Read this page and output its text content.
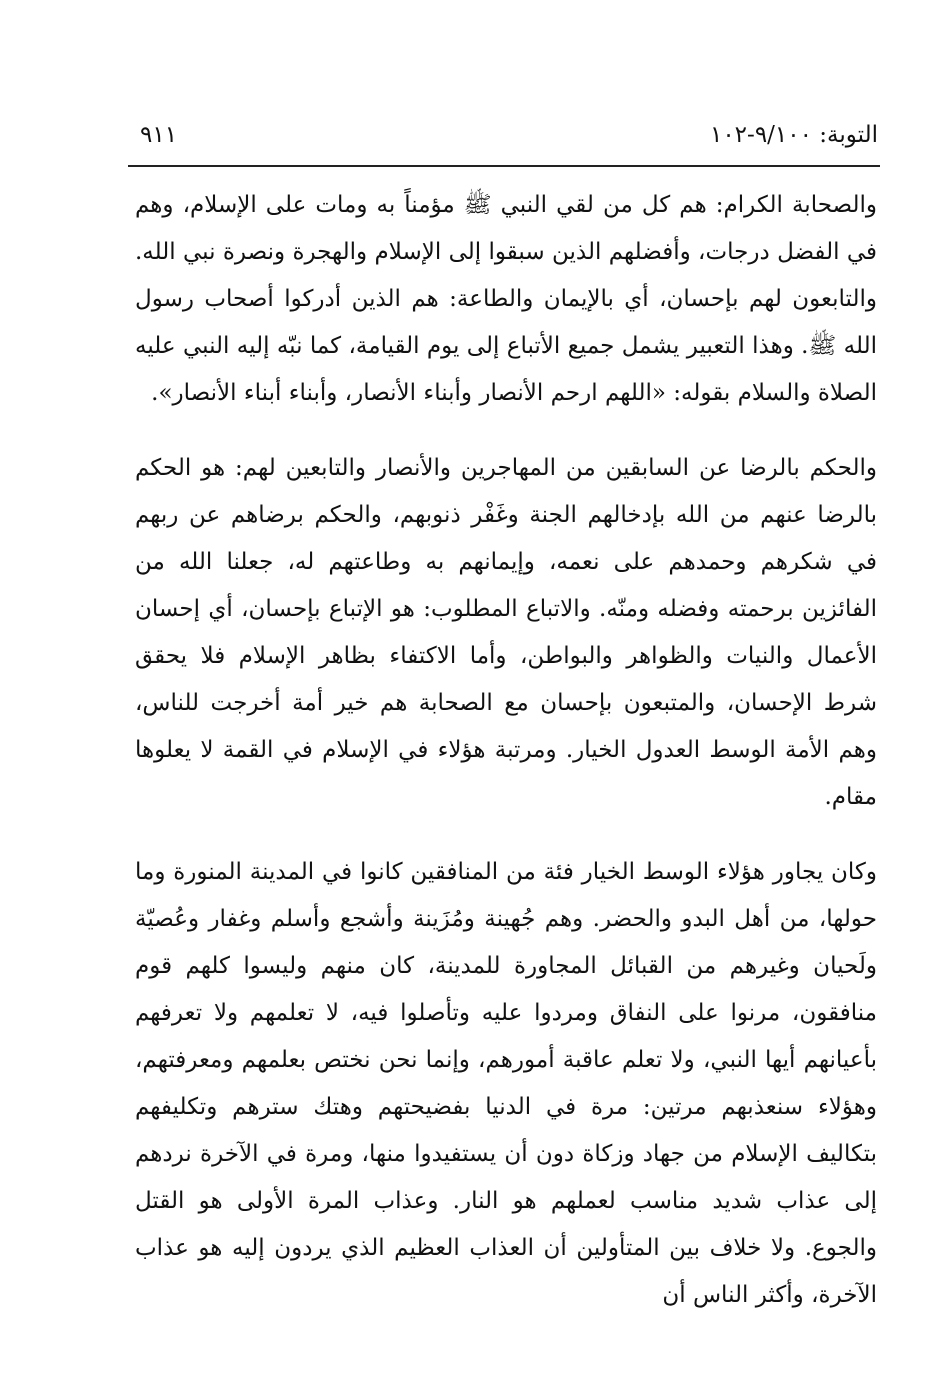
التوبة: ٩/١٠٠-١٠٢
٩١١

والصحابة الكرام: هم كل من لقي النبي ﷺ مؤمناً به ومات على الإسلام، وهم في الفضل درجات، وأفضلهم الذين سبقوا إلى الإسلام والهجرة ونصرة نبي الله. والتابعون لهم بإحسان، أي بالإيمان والطاعة: هم الذين أدركوا أصحاب رسول الله ﷺ. وهذا التعبير يشمل جميع الأتباع إلى يوم القيامة، كما نبّه إليه النبي عليه الصلاة والسلام بقوله: «اللهم ارحم الأنصار وأبناء الأنصار، وأبناء أبناء الأنصار».

والحكم بالرضا عن السابقين من المهاجرين والأنصار والتابعين لهم: هو الحكم بالرضا عنهم من الله بإدخالهم الجنة وغَفْر ذنوبهم، والحكم برضاهم عن ربهم في شكرهم وحمدهم على نعمه، وإيمانهم به وطاعتهم له، جعلنا الله من الفائزين برحمته وفضله ومنّه. والاتباع المطلوب: هو الإتباع بإحسان، أي إحسان الأعمال والنيات والظواهر والبواطن، وأما الاكتفاء بظاهر الإسلام فلا يحقق شرط الإحسان، والمتبعون بإحسان مع الصحابة هم خير أمة أخرجت للناس، وهم الأمة الوسط العدول الخيار. ومرتبة هؤلاء في الإسلام في القمة لا يعلوها مقام.

وكان يجاور هؤلاء الوسط الخيار فئة من المنافقين كانوا في المدينة المنورة وما حولها، من أهل البدو والحضر. وهم جُهينة ومُزَينة وأشجع وأسلم وغفار وعُصيّة ولَحيان وغيرهم من القبائل المجاورة للمدينة، كان منهم وليسوا كلهم قوم منافقون، مرنوا على النفاق ومردوا عليه وتأصلوا فيه، لا تعلمهم ولا تعرفهم بأعيانهم أيها النبي، ولا تعلم عاقبة أمورهم، وإنما نحن نختص بعلمهم ومعرفتهم، وهؤلاء سنعذبهم مرتين: مرة في الدنيا بفضيحتهم وهتك سترهم وتكليفهم بتكاليف الإسلام من جهاد وزكاة دون أن يستفيدوا منها، ومرة في الآخرة نردهم إلى عذاب شديد مناسب لعملهم هو النار. وعذاب المرة الأولى هو القتل والجوع. ولا خلاف بين المتأولين أن العذاب العظيم الذي يردون إليه هو عذاب الآخرة، وأكثر الناس أن
